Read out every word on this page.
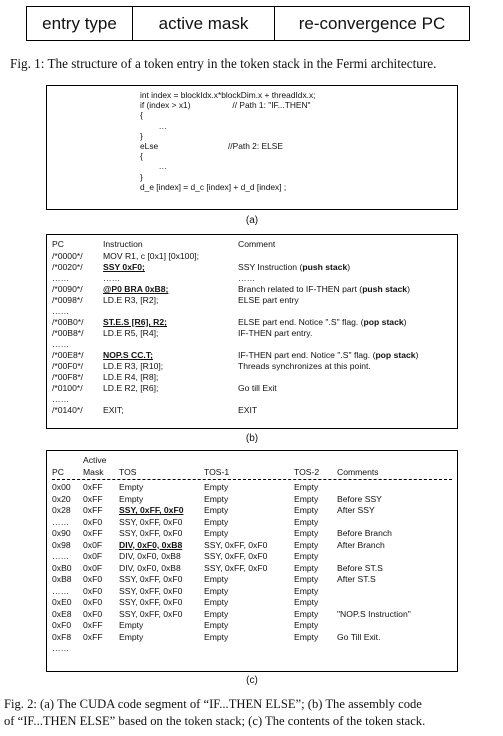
entry type	active mask	re-convergence PC
Fig. 1: The structure of a token entry in the token stack in the Fermi architecture.
int index = blockIdx.x*blockDim.x + threadIdx.x;
if (index > x1)                  // Path 1: "IF...THEN"
{
…
}
eLse                              //Path 2: ELSE
{
…
}
d_e [index] = d_c [index] + d_d [index] ;
(a)
PC	Instruction	Comment
/*0000*/ MOV R1, c [0x1] [0x100];
/*0020*/ SSY 0xF0;	SSY Instruction (push stack)
……	……	……
/*0090*/ @P0 BRA 0xB8;	Branch related to IF-THEN part (push stack)
/*0098*/ LD.E R3, [R2];	ELSE part entry
……
/*00B0*/ ST.E.S [R6], R2;	ELSE part end. Notice ".S" flag. (pop stack)
/*00B8*/ LD.E R5, [R4];	IF-THEN part entry.
……
/*00E8*/ NOP.S CC.T;	IF-THEN part end. Notice ".S" flag. (pop stack)
/*00F0*/ LD.E R3, [R10];	Threads synchronizes at this point.
/*00F8*/ LD.E R4, [R8];
/*0100*/ LD.E R2, [R6];	Go till Exit
……
/*0140*/ EXIT;	EXIT
(b)
Active
PC Mask TOS	TOS-1	TOS-2 Comments
0x00 0xFF Empty	Empty	Empty
0x20 0xFF Empty	Empty	Empty Before SSY
0x28 0xFF SSY, 0xFF, 0xF0 Empty	Empty After SSY
…… 0xF0 SSY, 0xFF, 0xF0	Empty	Empty
0x90 0xFF SSY, 0xFF, 0xF0	Empty	Empty Before Branch
0x98 0x0F DIV, 0xF0, 0xB8	SSY, 0xFF, 0xF0	Empty After Branch
…… 0x0F DIV, 0xF0, 0xB8	SSY, 0xFF, 0xF0	Empty
0xB0 0x0F DIV, 0xF0, 0xB8	SSY, 0xFF, 0xF0	Empty Before ST.S
0xB8 0xF0 SSY, 0xFF, 0xF0	Empty	Empty After ST.S
…… 0xF0 SSY, 0xFF, 0xF0	Empty	Empty
0xE0 0xF0 SSY, 0xFF, 0xF0	Empty	Empty
0xE8 0xF0 SSY, 0xFF, 0xF0	Empty	Empty "NOP.S Instruction"
0xF0 0xFF Empty	Empty	Empty
0xF8 0xFF Empty	Empty	Empty Go Till Exit.
……
(c)
Fig. 2: (a) The CUDA code segment of “IF...THEN ELSE”; (b) The assembly code
of “IF...THEN ELSE” based on the token stack; (c) The contents of the token stack.
